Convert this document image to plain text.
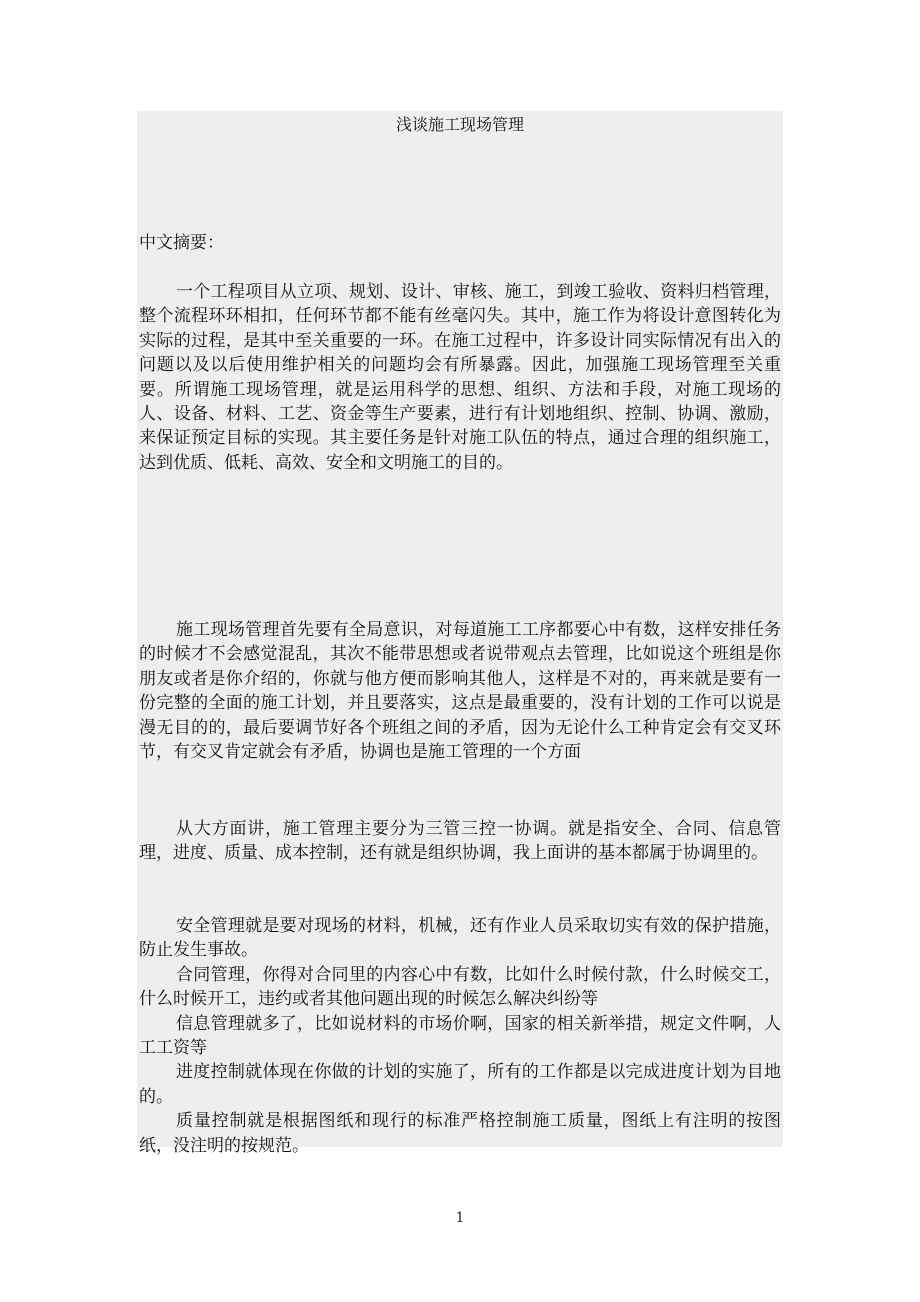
浅谈施工现场管理
中文摘要：

一个工程项目从立项、规划、设计、审核、施工，到竣工验收、资料归档管理，整个流程环环相扣，任何环节都不能有丝毫闪失。其中，施工作为将设计意图转化为实际的过程，是其中至关重要的一环。在施工过程中，许多设计同实际情况有出入的问题以及以后使用维护相关的问题均会有所暴露。因此，加强施工现场管理至关重要。所谓施工现场管理，就是运用科学的思想、组织、方法和手段，对施工现场的人、设备、材料、工艺、资金等生产要素，进行有计划地组织、控制、协调、激励，来保证预定目标的实现。其主要任务是针对施工队伍的特点，通过合理的组织施工，达到优质、低耗、高效、安全和文明施工的目的。

施工现场管理首先要有全局意识，对每道施工工序都要心中有数，这样安排任务的时候才不会感觉混乱，其次不能带思想或者说带观点去管理，比如说这个班组是你朋友或者是你介绍的，你就与他方便而影响其他人，这样是不对的，再来就是要有一份完整的全面的施工计划，并且要落实，这点是最重要的，没有计划的工作可以说是漫无目的的，最后要调节好各个班组之间的矛盾，因为无论什么工种肯定会有交叉环节，有交叉肯定就会有矛盾，协调也是施工管理的一个方面

从大方面讲，施工管理主要分为三管三控一协调。就是指安全、合同、信息管理，进度、质量、成本控制，还有就是组织协调，我上面讲的基本都属于协调里的。

安全管理就是要对现场的材料，机械，还有作业人员采取切实有效的保护措施，防止发生事故。

合同管理，你得对合同里的内容心中有数，比如什么时候付款，什么时候交工，什么时候开工，违约或者其他问题出现的时候怎么解决纠纷等

信息管理就多了，比如说材料的市场价啊，国家的相关新举措，规定文件啊，人工工资等

进度控制就体现在你做的计划的实施了，所有的工作都是以完成进度计划为目地的。

质量控制就是根据图纸和现行的标准严格控制施工质量，图纸上有注明的按图纸，没注明的按规范。

1
